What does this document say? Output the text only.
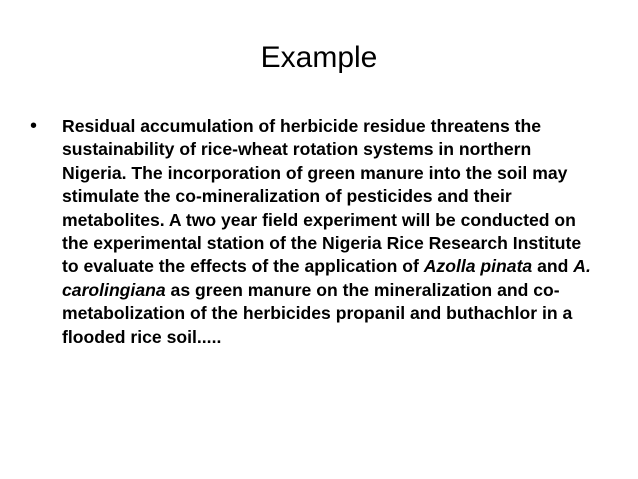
Example
• Residual accumulation of herbicide residue threatens the sustainability of rice-wheat rotation systems in northern Nigeria. The incorporation of green manure into the soil may stimulate the co-mineralization of pesticides and their metabolites. A two year field experiment will be conducted on the experimental station of the Nigeria Rice Research Institute to evaluate the effects of the application of Azolla pinata and A. carolingiana as green manure on the mineralization and co-metabolization of the herbicides propanil and buthachlor in a flooded rice soil.....
